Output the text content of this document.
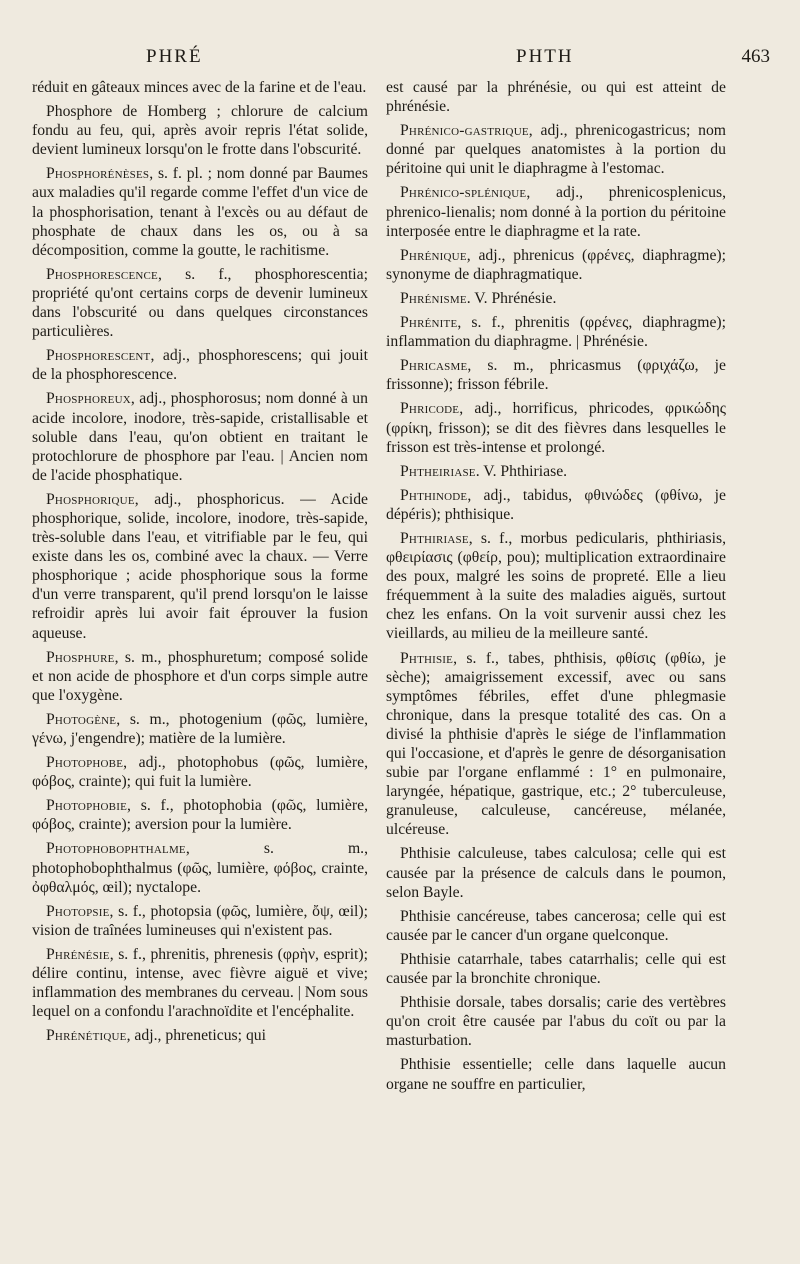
PHRÉ	PHTH	463

réduit en gâteaux minces avec de la farine et de l'eau.

Phosphore de Homberg ; chlorure de calcium fondu au feu, qui, après avoir repris l'état solide, devient lumineux lorsqu'on le frotte dans l'obscurité.

Phosphorénèses, s. f. pl. ; nom donné par Baumes aux maladies qu'il regarde comme l'effet d'un vice de la phosphorisation, tenant à l'excès ou au défaut de phosphate de chaux dans les os, ou à sa décomposition, comme la goutte, le rachitisme.

Phosphorescence, s. f., phosphorescentia; propriété qu'ont certains corps de devenir lumineux dans l'obscurité ou dans quelques circonstances particulières.

Phosphorescent, adj., phosphorescens; qui jouit de la phosphorescence.

Phosphoreux, adj., phosphorosus; nom donné à un acide incolore, inodore, très-sapide, cristallisable et soluble dans l'eau, qu'on obtient en traitant le protochlorure de phosphore par l'eau. | Ancien nom de l'acide phosphatique.

Phosphorique, adj., phosphoricus. — Acide phosphorique, solide, incolore, inodore, très-sapide, très-soluble dans l'eau, et vitrifiable par le feu, qui existe dans les os, combiné avec la chaux. — Verre phosphorique ; acide phosphorique sous la forme d'un verre transparent, qu'il prend lorsqu'on le laisse refroidir après lui avoir fait éprouver la fusion aqueuse.

Phosphure, s. m., phosphuretum; composé solide et non acide de phosphore et d'un corps simple autre que l'oxygène.

Photogène, s. m., photogenium (φῶς, lumière, γένω, j'engendre); matière de la lumière.

Photophobe, adj., photophobus (φῶς, lumière, φόβος, crainte); qui fuit la lumière.

Photophobie, s. f., photophobia (φῶς, lumière, φόβος, crainte); aversion pour la lumière.

Photophobophthalme, s. m., photophobophthalmus (φῶς, lumière, φόβος, crainte, ὀφθαλμός, œil); nyctalope.

Photopsie, s. f., photopsia (φῶς, lumière, ὄψ, œil); vision de traînées lumineuses qui n'existent pas.

Phrénésie, s. f., phrenitis, phrenesis (φρὴν, esprit); délire continu, intense, avec fièvre aiguë et vive; inflammation des membranes du cerveau. | Nom sous lequel on a confondu l'arachnoïdite et l'encéphalite.

Phrénétique, adj., phreneticus; qui

est causé par la phrénésie, ou qui est atteint de phrénésie.

Phrénico-gastrique, adj., phrenicogastricus; nom donné par quelques anatomistes à la portion du péritoine qui unit le diaphragme à l'estomac.

Phrénico-splénique, adj., phrenicosplenicus, phrenico-lienalis; nom donné à la portion du péritoine interposée entre le diaphragme et la rate.

Phrénique, adj., phrenicus (φρένες, diaphragme); synonyme de diaphragmatique.

Phrénisme. V. Phrénésie.

Phrénite, s. f., phrenitis (φρένες, diaphragme); inflammation du diaphragme. | Phrénésie.

Phricasme, s. m., phricasmus (φριχάζω, je frissonne); frisson fébrile.

Phricode, adj., horrificus, phricodes, φρικώδης (φρίκη, frisson); se dit des fièvres dans lesquelles le frisson est très-intense et prolongé.

Phtheiriase. V. Phthiriase.

Phthinode, adj., tabidus, φθινώδες (φθίνω, je dépéris); phthisique.

Phthiriase, s. f., morbus pedicularis, phthiriasis, φθειρίασις (φθείρ, pou); multiplication extraordinaire des poux, malgré les soins de propreté. Elle a lieu fréquemment à la suite des maladies aiguës, surtout chez les enfans. On la voit survenir aussi chez les vieillards, au milieu de la meilleure santé.

Phthisie, s. f., tabes, phthisis, φθίσις (φθίω, je sèche); amaigrissement excessif, avec ou sans symptômes fébriles, effet d'une phlegmasie chronique, dans la presque totalité des cas. On a divisé la phthisie d'après le siége de l'inflammation qui l'occasione, et d'après le genre de désorganisation subie par l'organe enflammé : 1° en pulmonaire, laryngée, hépatique, gastrique, etc.; 2° tuberculeuse, granuleuse, calculeuse, cancéreuse, mélanée, ulcéreuse.

Phthisie calculeuse, tabes calculosa; celle qui est causée par la présence de calculs dans le poumon, selon Bayle.

Phthisie cancéreuse, tabes cancerosa; celle qui est causée par le cancer d'un organe quelconque.

Phthisie catarrhale, tabes catarrhalis; celle qui est causée par la bronchite chronique.

Phthisie dorsale, tabes dorsalis; carie des vertèbres qu'on croit être causée par l'abus du coït ou par la masturbation.

Phthisie essentielle; celle dans laquelle aucun organe ne souffre en particulier,
